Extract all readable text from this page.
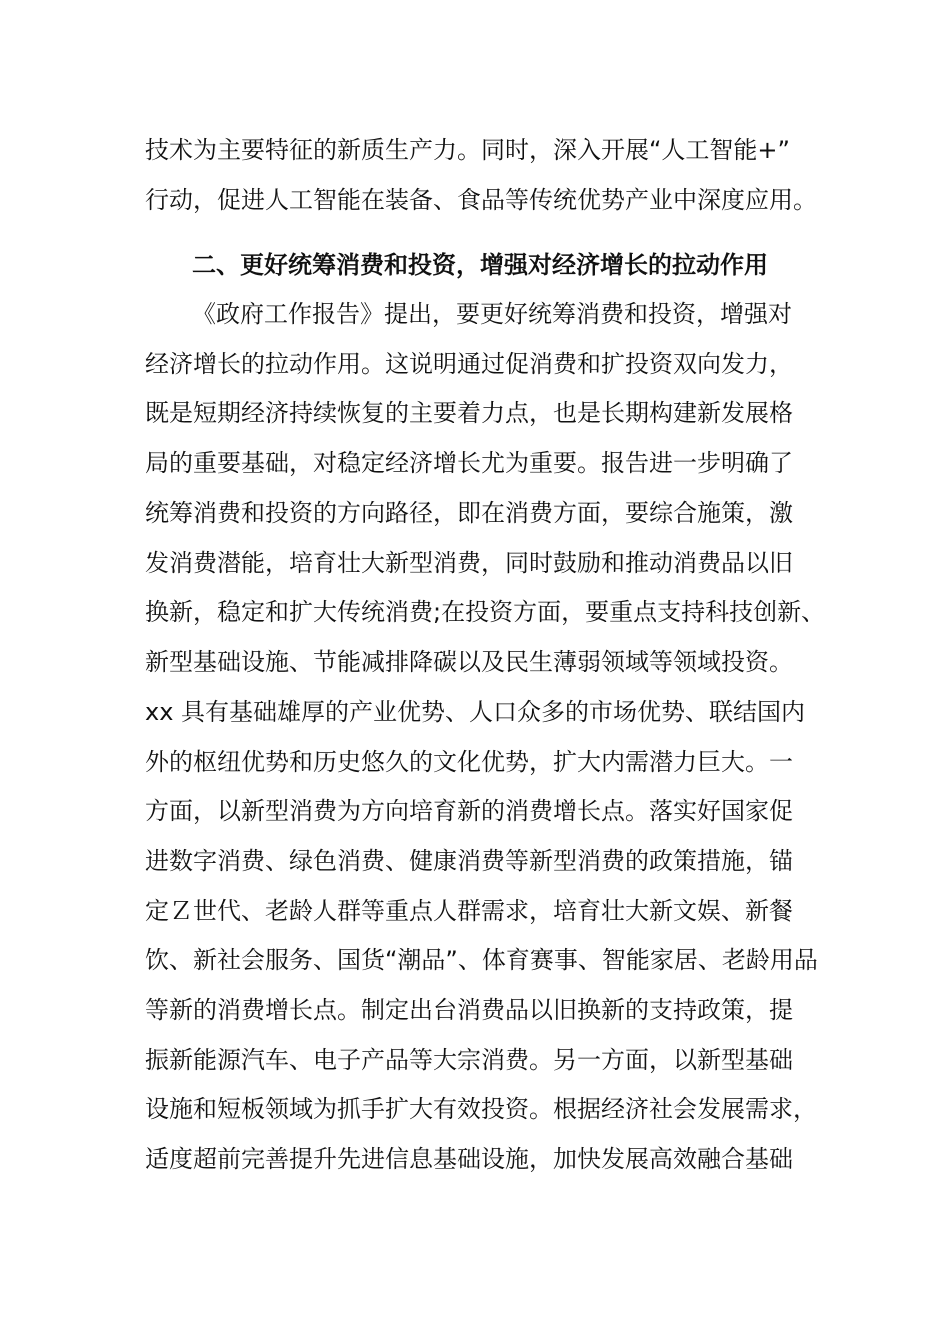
技术为主要特征的新质生产力。同时，深入开展“人工智能+”
行动，促进人工智能在装备、食品等传统优势产业中深度应用。
二、更好统筹消费和投资，增强对经济增长的拉动作用
《政府工作报告》提出，要更好统筹消费和投资，增强对
经济增长的拉动作用。这说明通过促消费和扩投资双向发力，
既是短期经济持续恢复的主要着力点，也是长期构建新发展格
局的重要基础，对稳定经济增长尤为重要。报告进一步明确了
统筹消费和投资的方向路径，即在消费方面，要综合施策，激
发消费潜能，培育壮大新型消费，同时鼓励和推动消费品以旧
换新，稳定和扩大传统消费;在投资方面，要重点支持科技创新、
新型基础设施、节能减排降碳以及民生薄弱领域等领域投资。
xx 具有基础雄厚的产业优势、人口众多的市场优势、联结国内
外的枢纽优势和历史悠久的文化优势，扩大内需潜力巨大。一
方面，以新型消费为方向培育新的消费增长点。落实好国家促
进数字消费、绿色消费、健康消费等新型消费的政策措施，锚
定Ｚ世代、老龄人群等重点人群需求，培育壮大新文娱、新餐
饮、新社会服务、国货“潮品”、体育赛事、智能家居、老龄用品
等新的消费增长点。制定出台消费品以旧换新的支持政策，提
振新能源汽车、电子产品等大宗消费。另一方面，以新型基础
设施和短板领域为抓手扩大有效投资。根据经济社会发展需求，
适度超前完善提升先进信息基础设施，加快发展高效融合基础
